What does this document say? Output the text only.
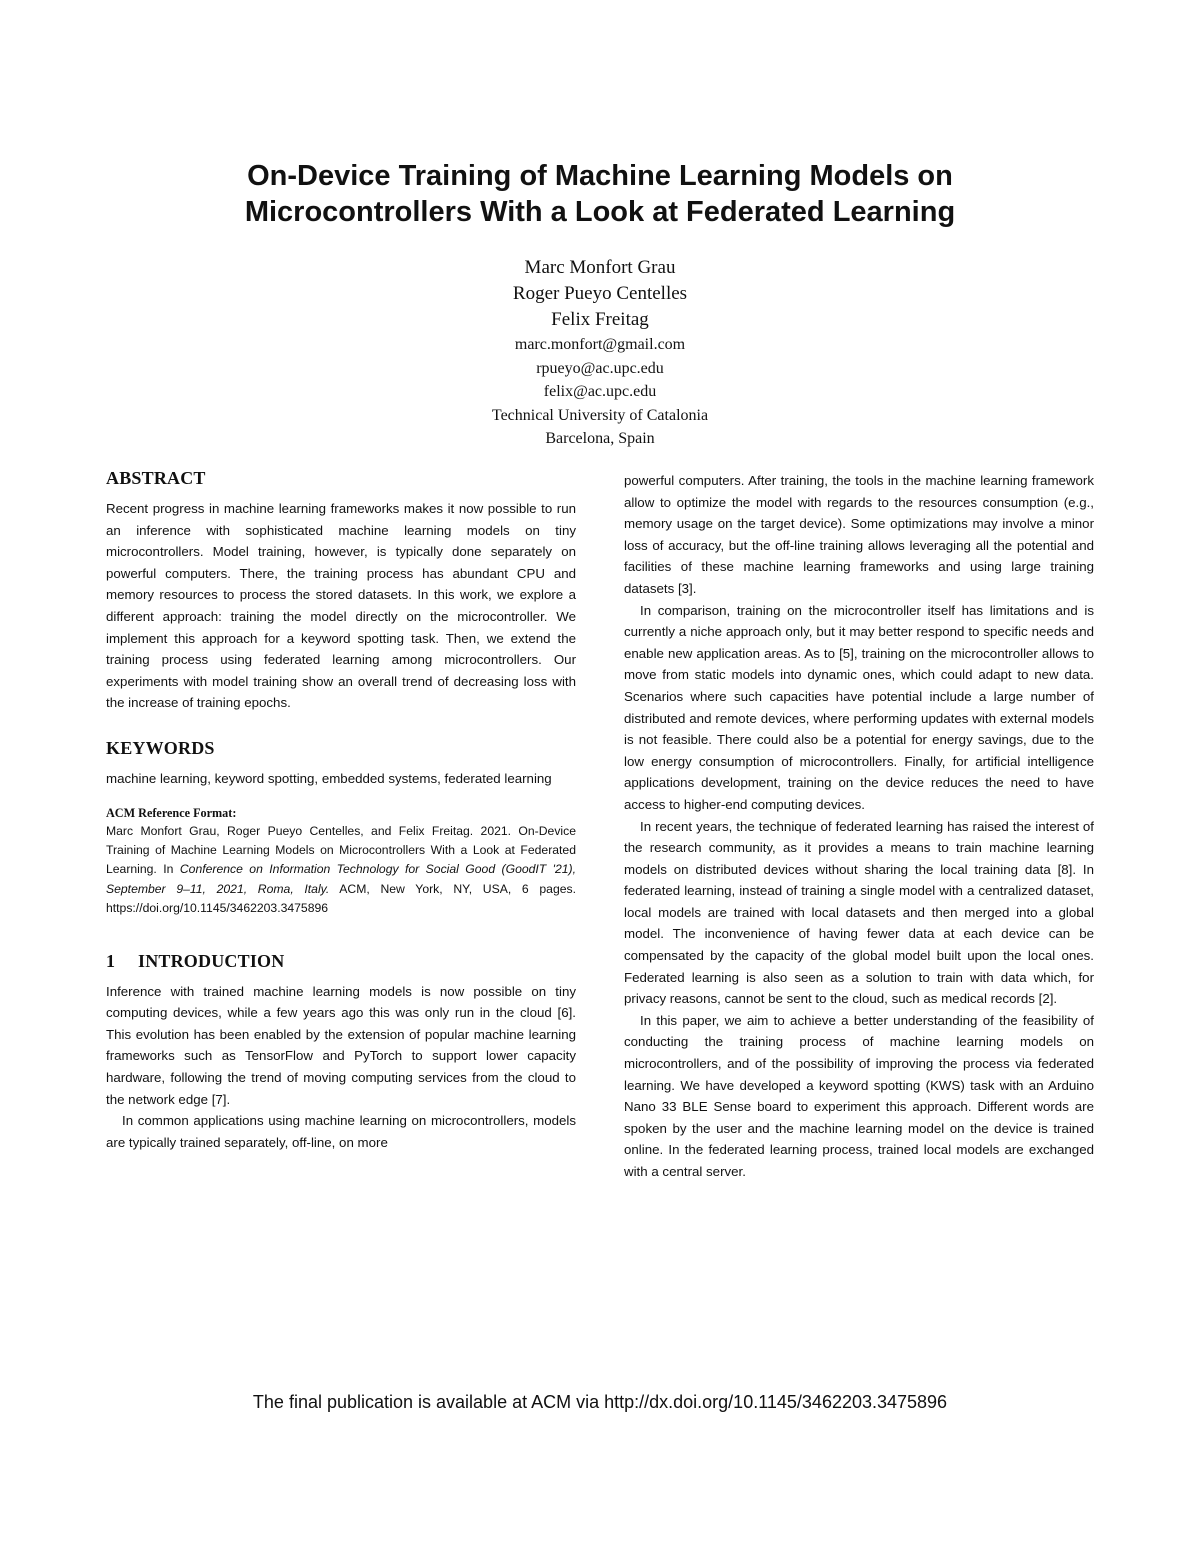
On-Device Training of Machine Learning Models on
Microcontrollers With a Look at Federated Learning
Marc Monfort Grau
Roger Pueyo Centelles
Felix Freitag
marc.monfort@gmail.com
rpueyo@ac.upc.edu
felix@ac.upc.edu
Technical University of Catalonia
Barcelona, Spain
ABSTRACT

Recent progress in machine learning frameworks makes it now possible to run an inference with sophisticated machine learning models on tiny microcontrollers. Model training, however, is typically done separately on powerful computers. There, the training process has abundant CPU and memory resources to process the stored datasets. In this work, we explore a different approach: training the model directly on the microcontroller. We implement this approach for a keyword spotting task. Then, we extend the training process using federated learning among microcontrollers. Our experiments with model training show an overall trend of decreasing loss with the increase of training epochs.

KEYWORDS

machine learning, keyword spotting, embedded systems, federated learning

ACM Reference Format:
Marc Monfort Grau, Roger Pueyo Centelles, and Felix Freitag. 2021. On-Device Training of Machine Learning Models on Microcontrollers With a Look at Federated Learning. In Conference on Information Technology for Social Good (GoodIT '21), September 9–11, 2021, Roma, Italy. ACM, New York, NY, USA, 6 pages. https://doi.org/10.1145/3462203.3475896
1 INTRODUCTION

Inference with trained machine learning models is now possible on tiny computing devices, while a few years ago this was only run in the cloud [6]. This evolution has been enabled by the extension of popular machine learning frameworks such as TensorFlow and PyTorch to support lower capacity hardware, following the trend of moving computing services from the cloud to the network edge [7].

In common applications using machine learning on microcontrollers, models are typically trained separately, off-line, on more

powerful computers. After training, the tools in the machine learning framework allow to optimize the model with regards to the resources consumption (e.g., memory usage on the target device). Some optimizations may involve a minor loss of accuracy, but the off-line training allows leveraging all the potential and facilities of these machine learning frameworks and using large training datasets [3].

In comparison, training on the microcontroller itself has limitations and is currently a niche approach only, but it may better respond to specific needs and enable new application areas. As to [5], training on the microcontroller allows to move from static models into dynamic ones, which could adapt to new data. Scenarios where such capacities have potential include a large number of distributed and remote devices, where performing updates with external models is not feasible. There could also be a potential for energy savings, due to the low energy consumption of microcontrollers. Finally, for artificial intelligence applications development, training on the device reduces the need to have access to higher-end computing devices.

In recent years, the technique of federated learning has raised the interest of the research community, as it provides a means to train machine learning models on distributed devices without sharing the local training data [8]. In federated learning, instead of training a single model with a centralized dataset, local models are trained with local datasets and then merged into a global model. The inconvenience of having fewer data at each device can be compensated by the capacity of the global model built upon the local ones. Federated learning is also seen as a solution to train with data which, for privacy reasons, cannot be sent to the cloud, such as medical records [2].

In this paper, we aim to achieve a better understanding of the feasibility of conducting the training process of machine learning models on microcontrollers, and of the possibility of improving the process via federated learning. We have developed a keyword spotting (KWS) task with an Arduino Nano 33 BLE Sense board to experiment this approach. Different words are spoken by the user and the machine learning model on the device is trained online. In the federated learning process, trained local models are exchanged with a central server.

The final publication is available at ACM via http://dx.doi.org/10.1145/3462203.3475896
